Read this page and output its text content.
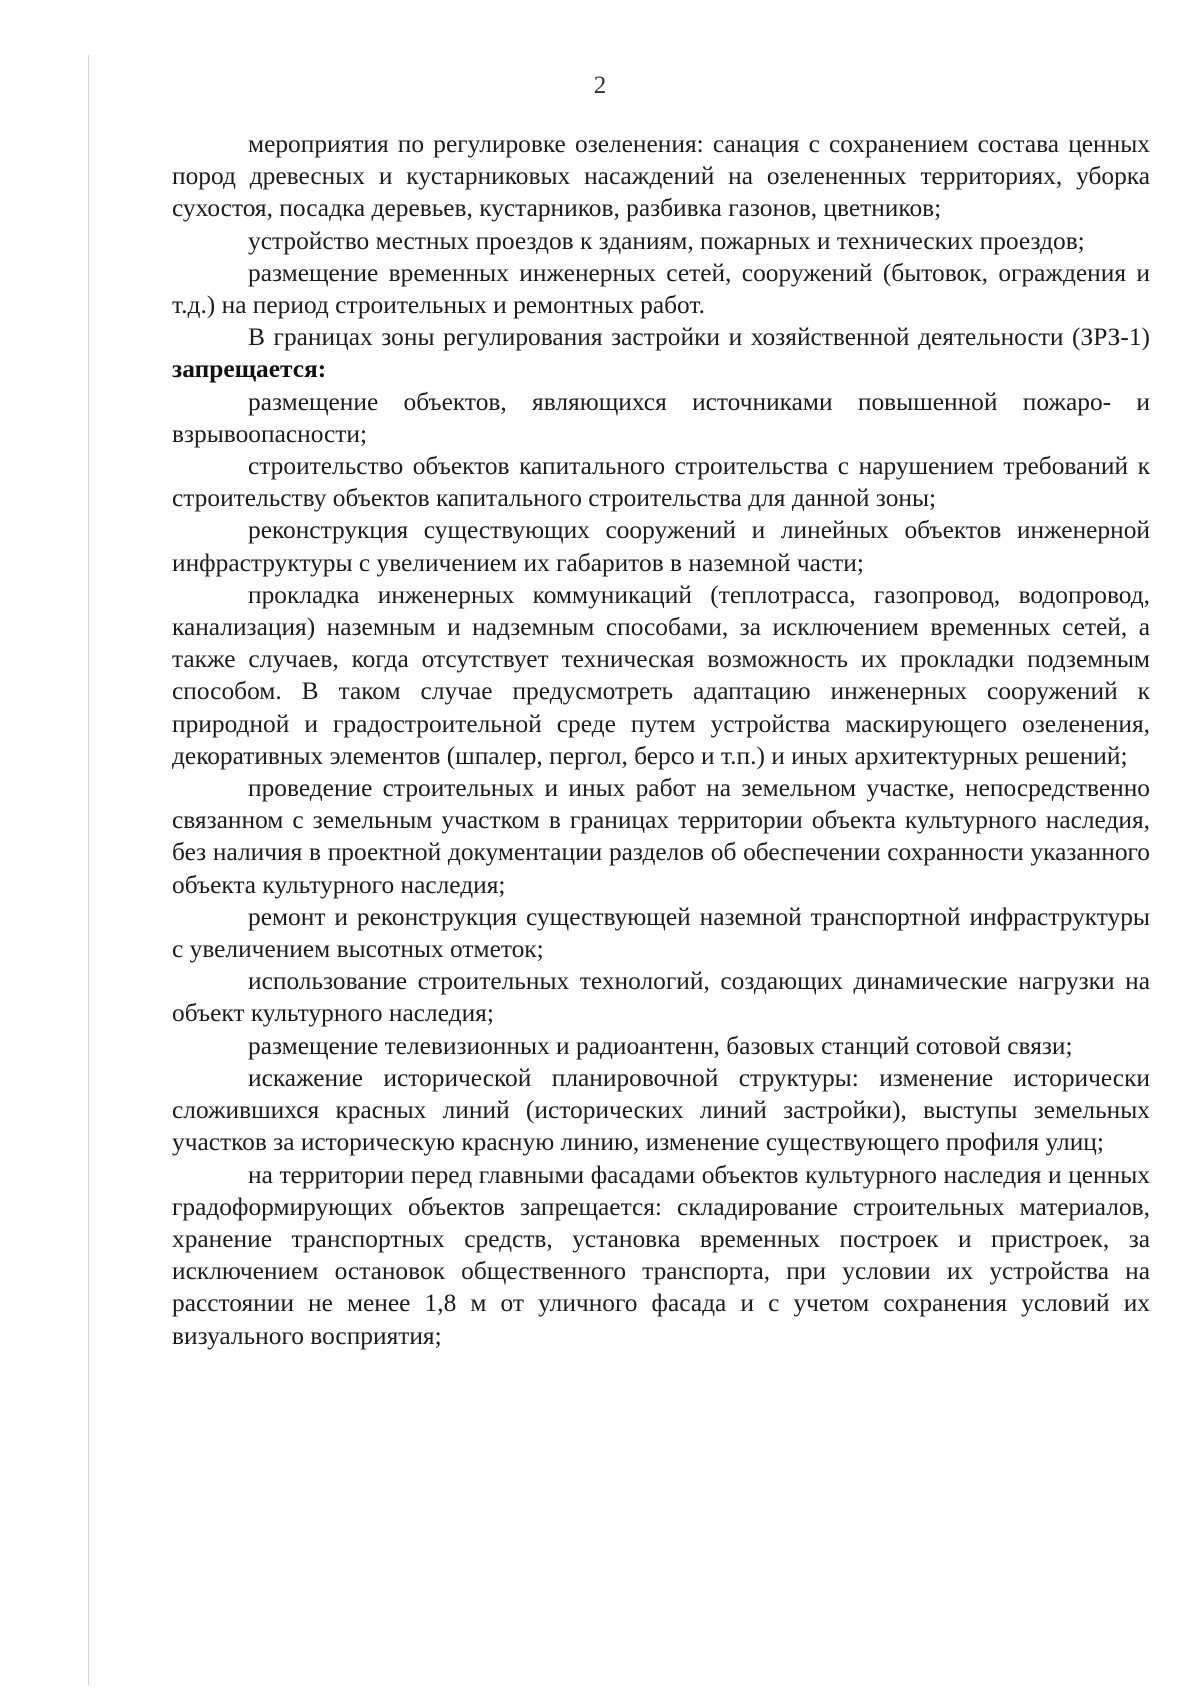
2

мероприятия по регулировке озеленения: санация с сохранением состава ценных пород древесных и кустарниковых насаждений на озелененных территориях, уборка сухостоя, посадка деревьев, кустарников, разбивка газонов, цветников;

устройство местных проездов к зданиям, пожарных и технических проездов;

размещение временных инженерных сетей, сооружений (бытовок, ограждения и т.д.) на период строительных и ремонтных работ.

В границах зоны регулирования застройки и хозяйственной деятельности (ЗРЗ-1) запрещается:

размещение объектов, являющихся источниками повышенной пожаро- и взрывоопасности;

строительство объектов капитального строительства с нарушением требований к строительству объектов капитального строительства для данной зоны;

реконструкция существующих сооружений и линейных объектов инженерной инфраструктуры с увеличением их габаритов в наземной части;

прокладка инженерных коммуникаций (теплотрасса, газопровод, водопровод, канализация) наземным и надземным способами, за исключением временных сетей, а также случаев, когда отсутствует техническая возможность их прокладки подземным способом. В таком случае предусмотреть адаптацию инженерных сооружений к природной и градостроительной среде путем устройства маскирующего озеленения, декоративных элементов (шпалер, пергол, берсо и т.п.) и иных архитектурных решений;

проведение строительных и иных работ на земельном участке, непосредственно связанном с земельным участком в границах территории объекта культурного наследия, без наличия в проектной документации разделов об обеспечении сохранности указанного объекта культурного наследия;

ремонт и реконструкция существующей наземной транспортной инфраструктуры с увеличением высотных отметок;

использование строительных технологий, создающих динамические нагрузки на объект культурного наследия;

размещение телевизионных и радиоантенн, базовых станций сотовой связи;

искажение исторической планировочной структуры: изменение исторически сложившихся красных линий (исторических линий застройки), выступы земельных участков за историческую красную линию, изменение существующего профиля улиц;

на территории перед главными фасадами объектов культурного наследия и ценных градоформирующих объектов запрещается: складирование строительных материалов, хранение транспортных средств, установка временных построек и пристроек, за исключением остановок общественного транспорта, при условии их устройства на расстоянии не менее 1,8 м от уличного фасада и с учетом сохранения условий их визуального восприятия;
